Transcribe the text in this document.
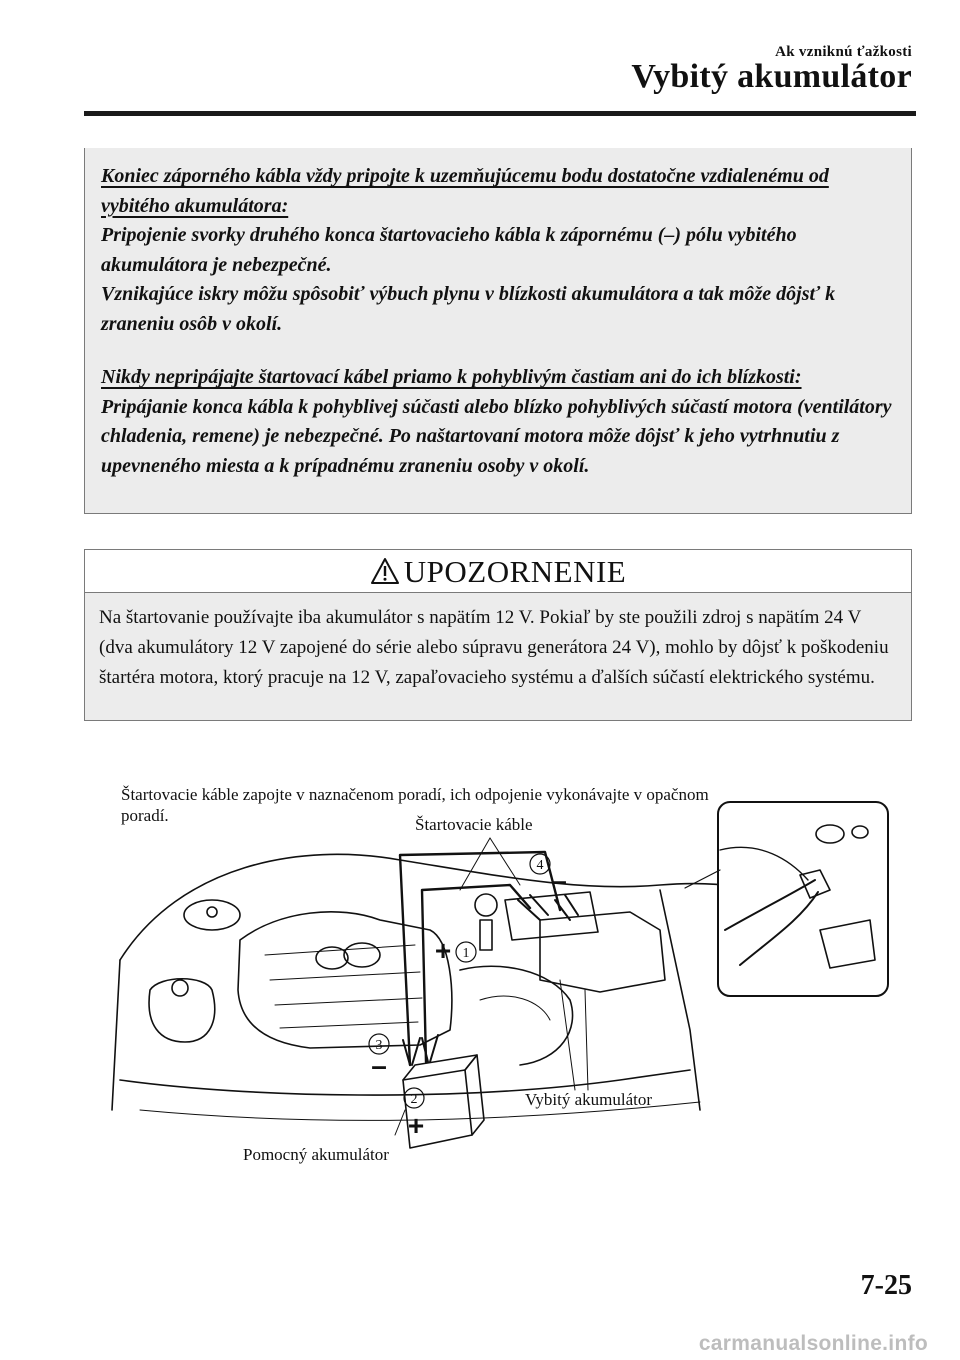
Ak vzniknú ťažkosti
Vybitý akumulátor
Koniec záporného kábla vždy pripojte k uzemňujúcemu bodu dostatočne vzdialenému od vybitého akumulátora:
Pripojenie svorky druhého konca štartovacieho kábla k zápornému (–) pólu vybitého akumulátora je nebezpečné.
Vznikajúce iskry môžu spôsobiť výbuch plynu v blízkosti akumulátora a tak môže dôjsť k zraneniu osôb v okolí.
Nikdy nepripájajte štartovací kábel priamo k pohyblivým častiam ani do ich blízkosti:
Pripájanie konca kábla k pohyblivej súčasti alebo blízko pohyblivých súčastí motora (ventilátory chladenia, remene) je nebezpečné. Po naštartovaní motora môže dôjsť k jeho vytrhnutiu z upevneného miesta a k prípadnému zraneniu osoby v okolí.
UPOZORNENIE
Na štartovanie používajte iba akumulátor s napätím 12 V. Pokiaľ by ste použili zdroj s napätím 24 V (dva akumulátory 12 V zapojené do série alebo súpravu generátora 24 V), mohlo by dôjsť k poškodeniu štartéra motora, ktorý pracuje na 12 V, zapaľovacieho systému a ďalších súčastí elektrického systému.
1
2
3
4
+
+
–
–
Štartovacie káble zapojte v naznačenom poradí, ich odpojenie vykonávajte v opačnom poradí.	Štartovacie káble
Vybitý akumulátor
Pomocný akumulátor
7-25
carmanualsonline.info
